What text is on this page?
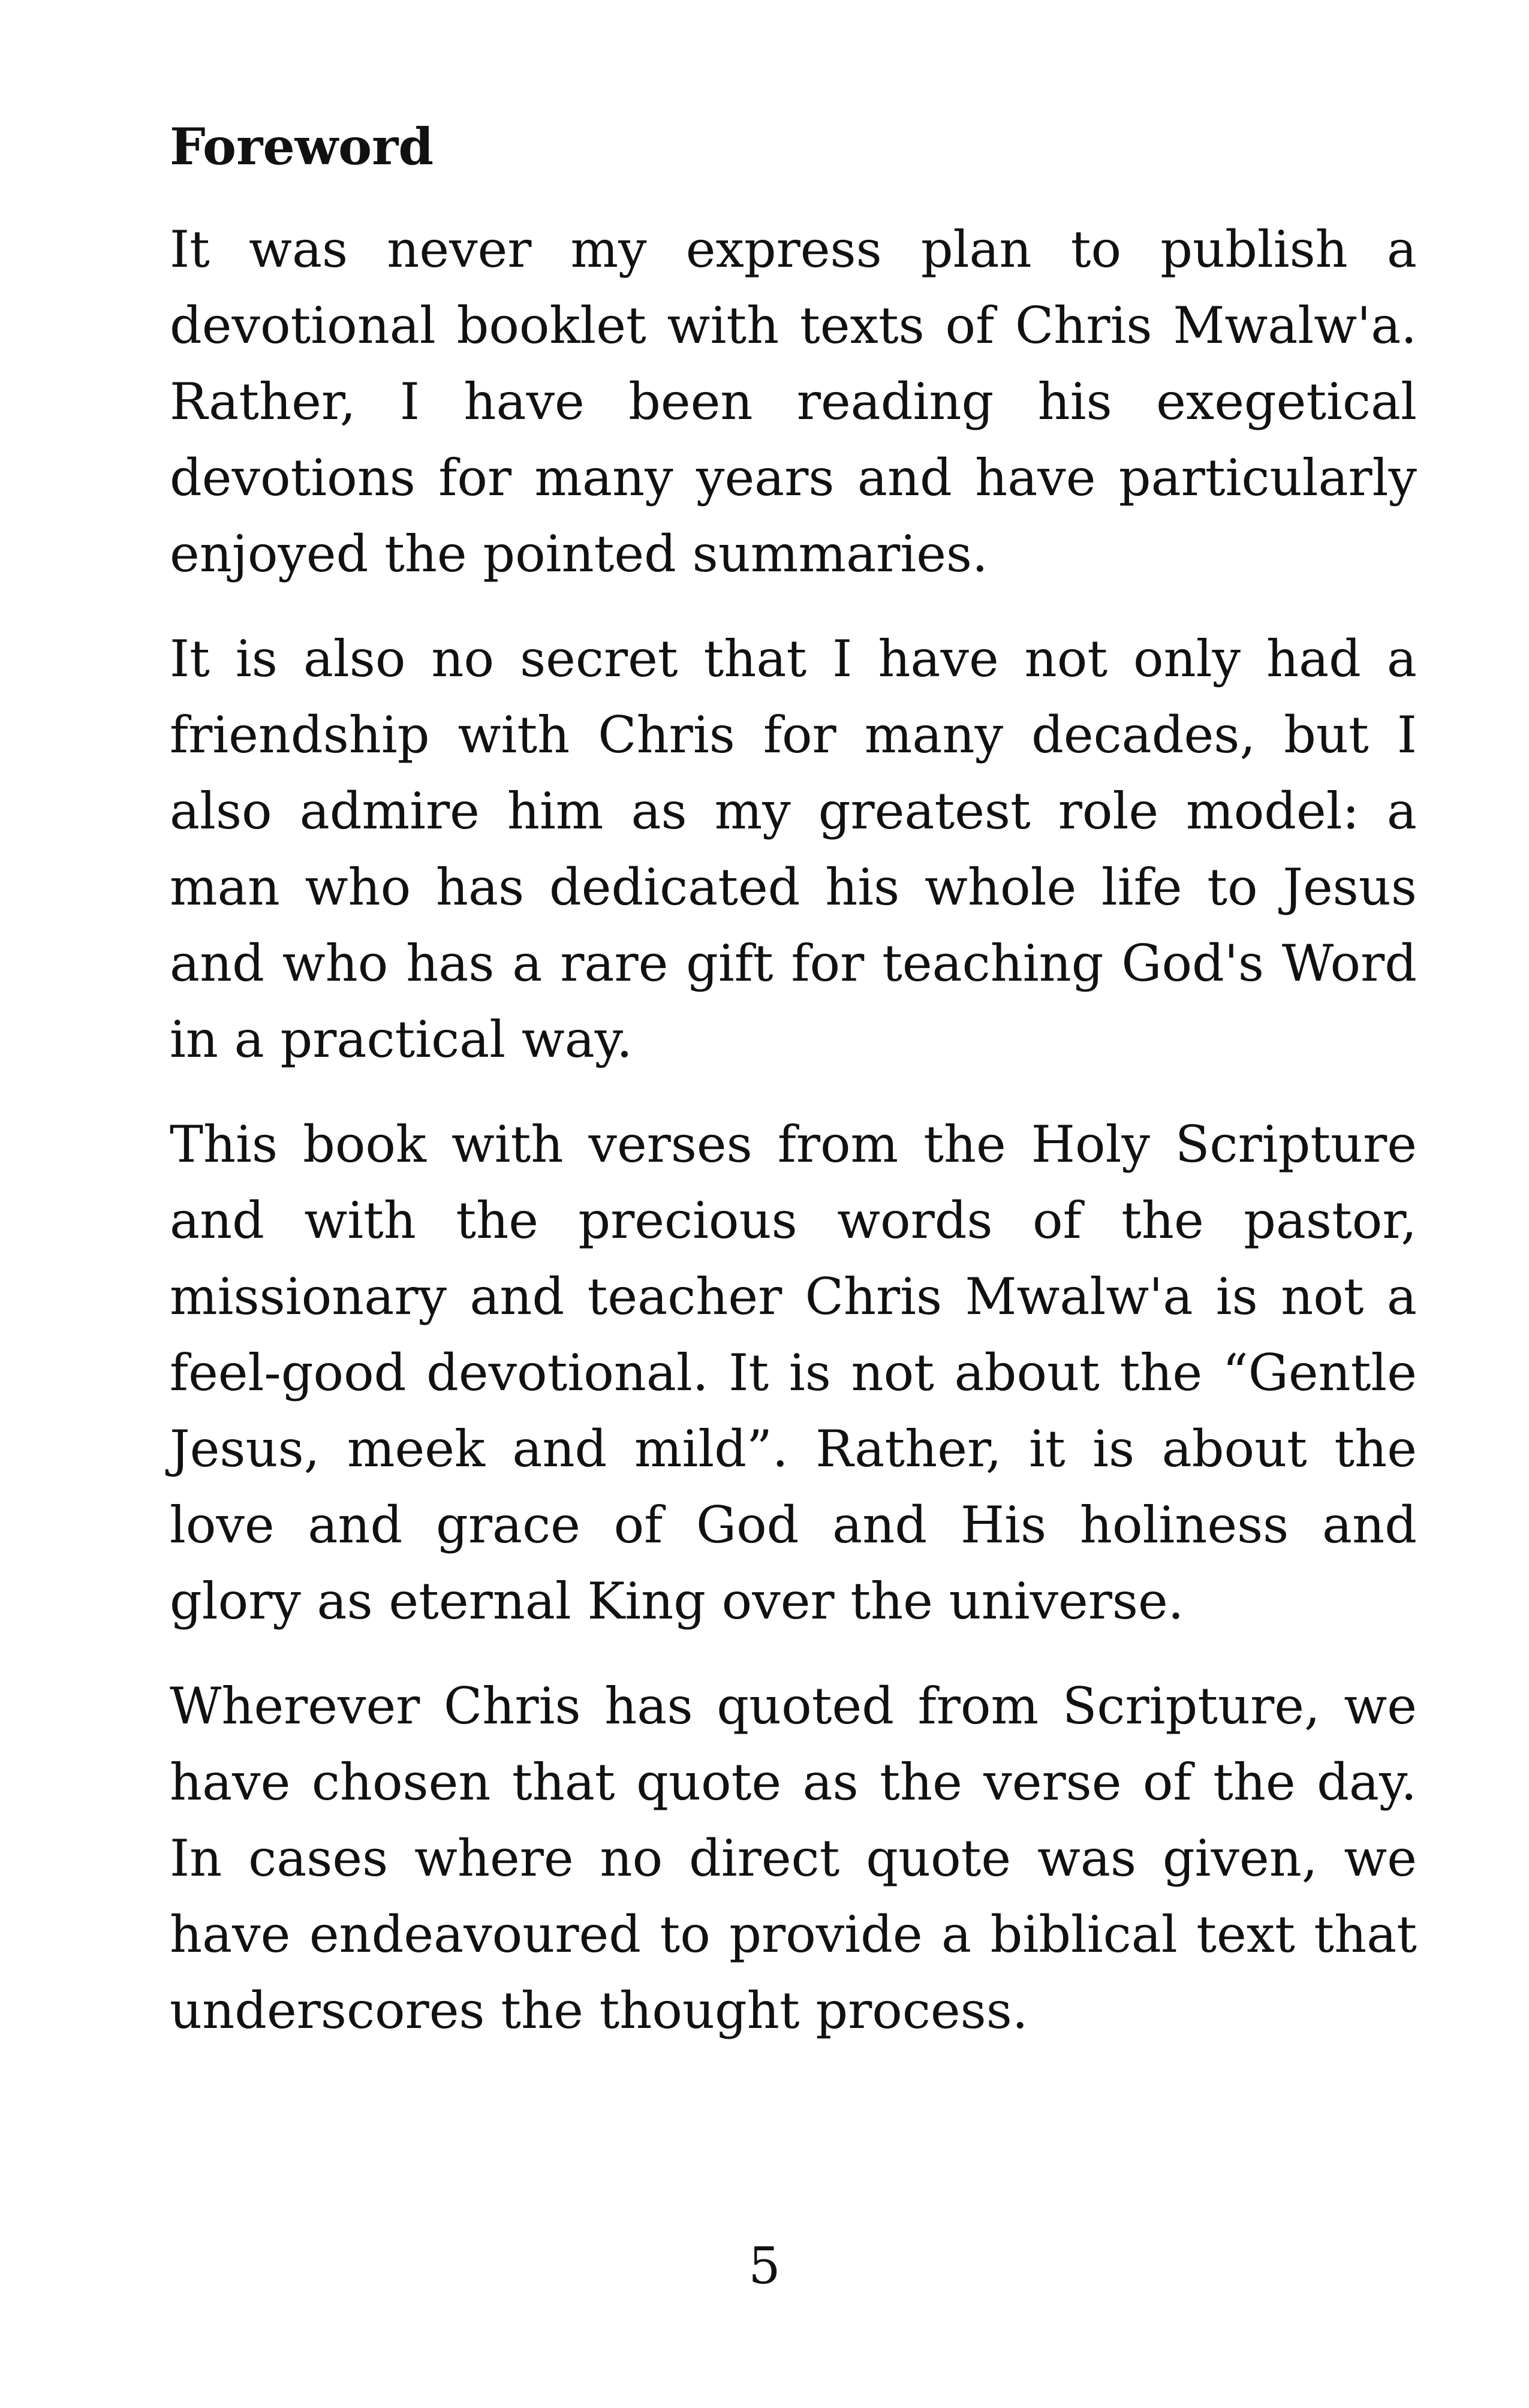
Foreword

It was never my express plan to publish a devotional booklet with texts of Chris Mwalw'a. Rather, I have been reading his exegetical devotions for many years and have particularly enjoyed the pointed summaries.

It is also no secret that I have not only had a friendship with Chris for many decades, but I also admire him as my greatest role model: a man who has dedicated his whole life to Jesus and who has a rare gift for teaching God's Word in a practical way.

This book with verses from the Holy Scripture and with the precious words of the pastor, missionary and teacher Chris Mwalw'a is not a feel-good devotional. It is not about the “Gentle Jesus, meek and mild”. Rather, it is about the love and grace of God and His holiness and glory as eternal King over the universe.

Wherever Chris has quoted from Scripture, we have chosen that quote as the verse of the day. In cases where no direct quote was given, we have endeavoured to provide a biblical text that underscores the thought process.

5
